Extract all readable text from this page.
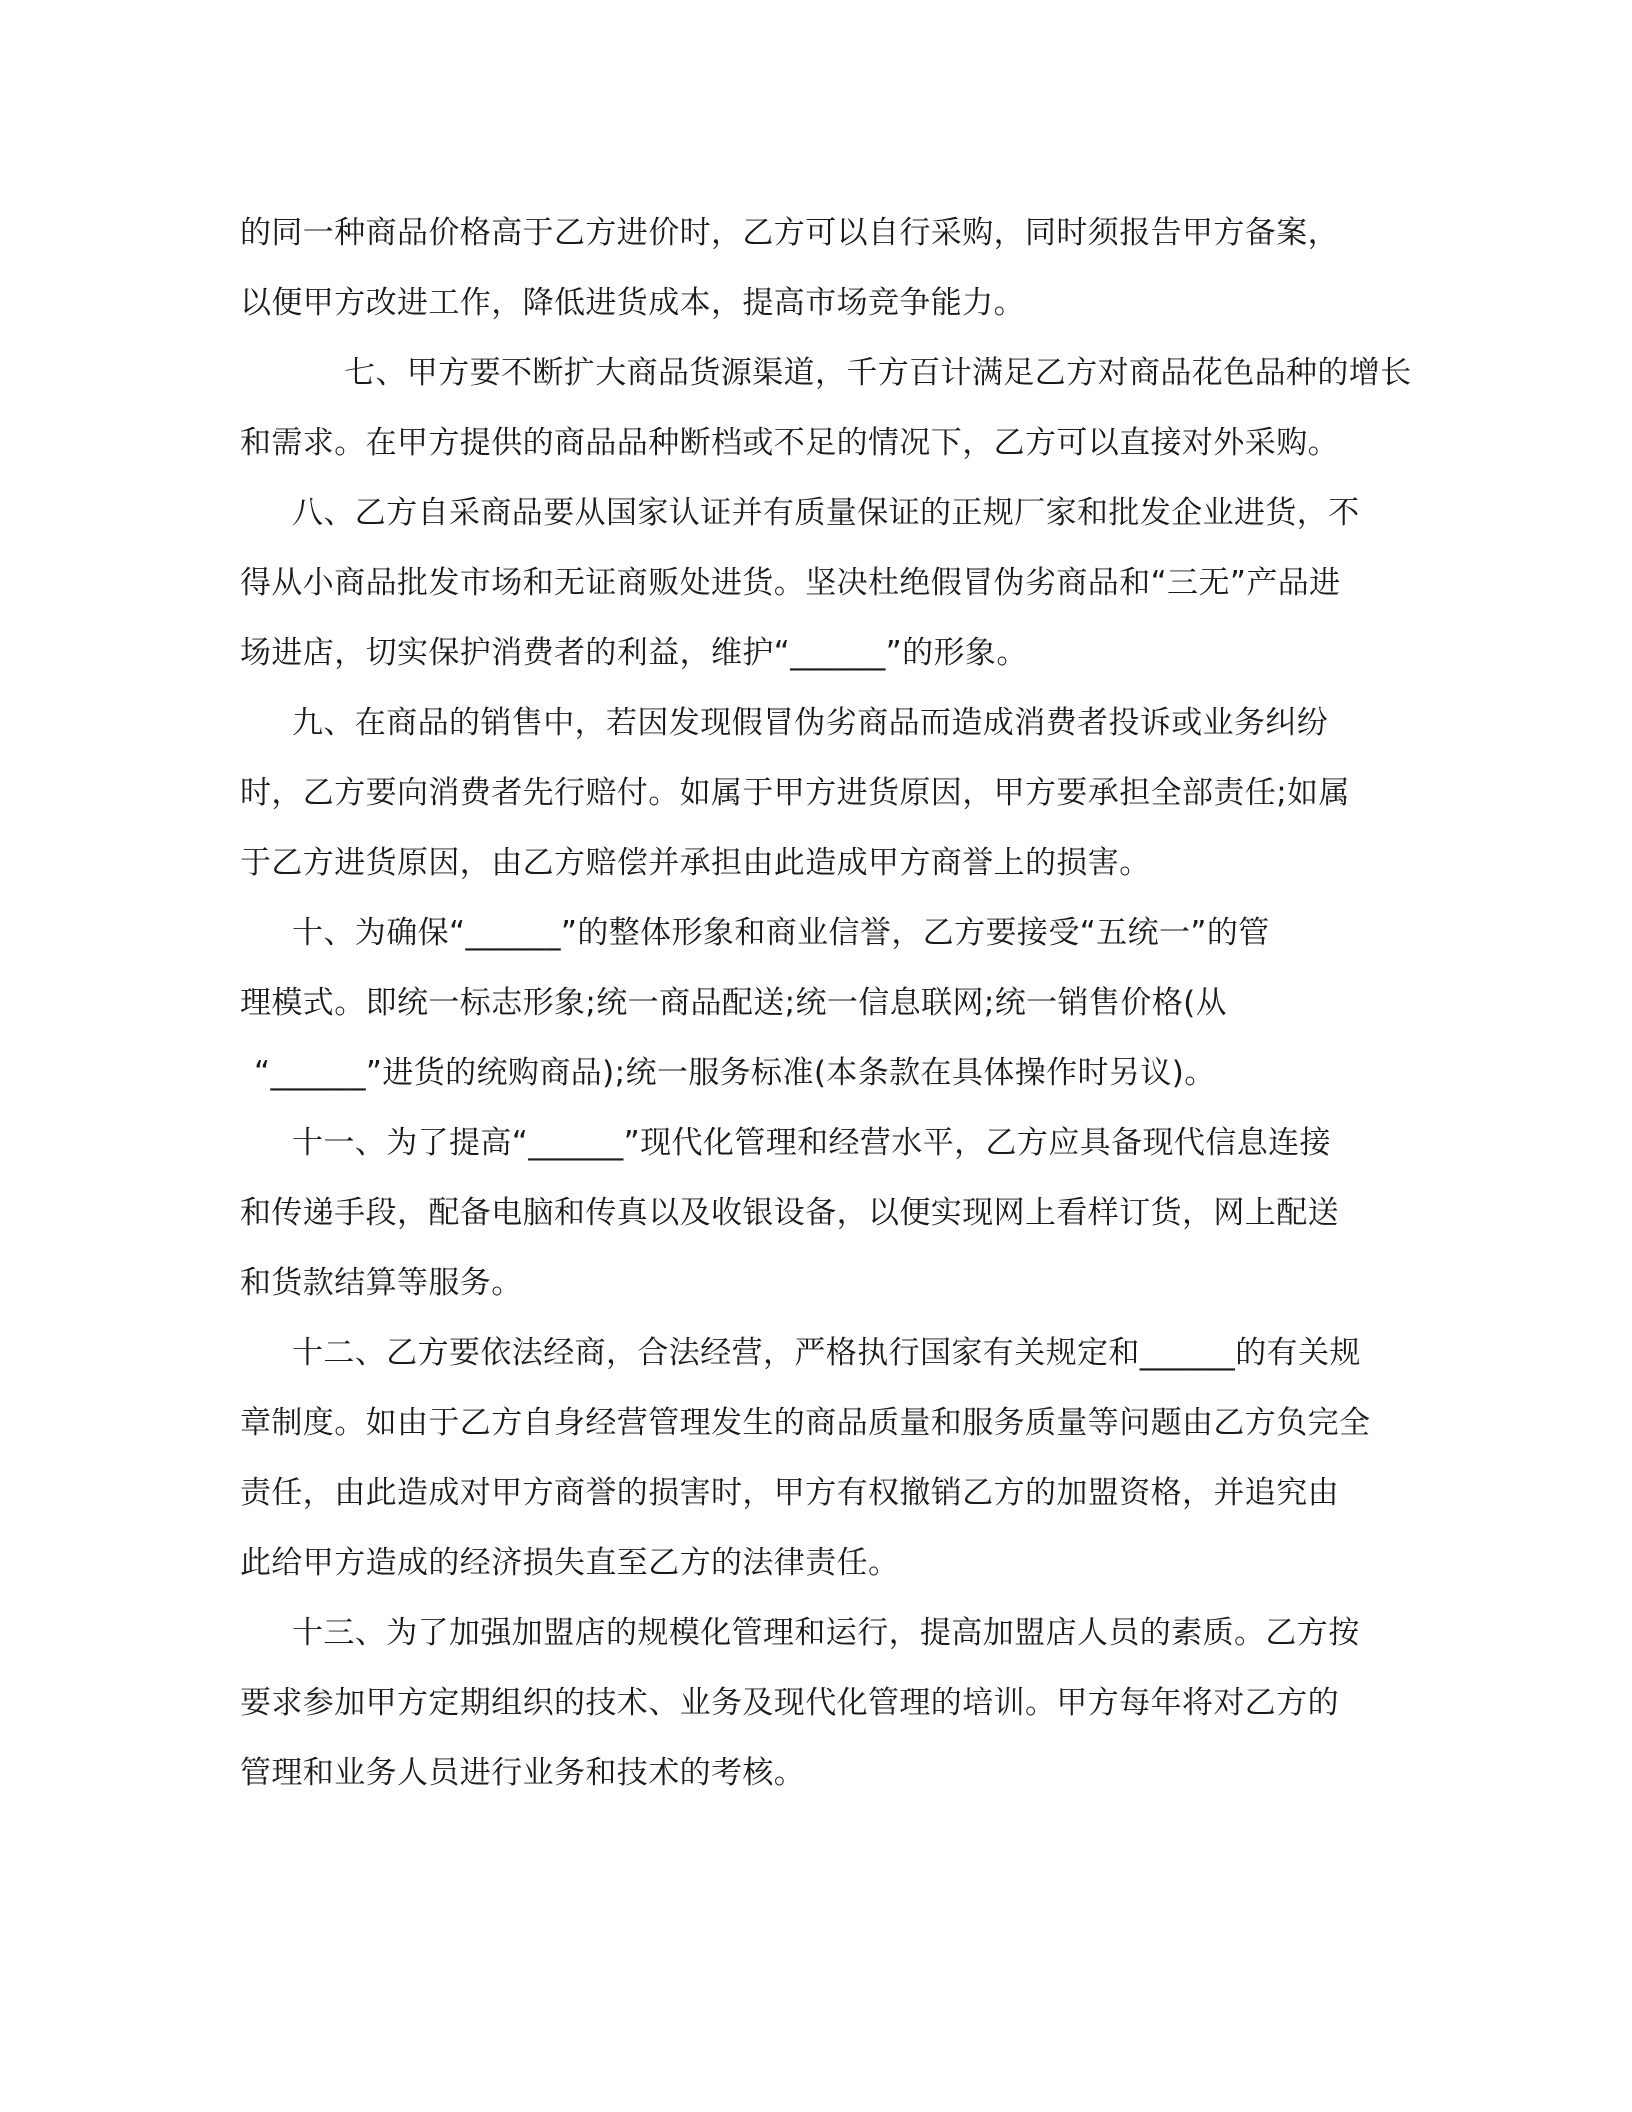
的同一种商品价格高于乙方进价时，乙方可以自行采购，同时须报告甲方备案，
以便甲方改进工作，降低进货成本，提高市场竞争能力。

七、甲方要不断扩大商品货源渠道，千方百计满足乙方对商品花色品种的增长
和需求。在甲方提供的商品品种断档或不足的情况下，乙方可以直接对外采购。

八、乙方自采商品要从国家认证并有质量保证的正规厂家和批发企业进货，不
得从小商品批发市场和无证商贩处进货。坚决杜绝假冒伪劣商品和“三无”产品进
场进店，切实保护消费者的利益，维护“______”的形象。

九、在商品的销售中，若因发现假冒伪劣商品而造成消费者投诉或业务纠纷
时，乙方要向消费者先行赔付。如属于甲方进货原因，甲方要承担全部责任;如属
于乙方进货原因，由乙方赔偿并承担由此造成甲方商誉上的损害。

十、为确保“______”的整体形象和商业信誉，乙方要接受“五统一”的管
理模式。即统一标志形象;统一商品配送;统一信息联网;统一销售价格(从
“______”进货的统购商品);统一服务标准(本条款在具体操作时另议)。

十一、为了提高“______”现代化管理和经营水平，乙方应具备现代信息连接
和传递手段，配备电脑和传真以及收银设备，以便实现网上看样订货，网上配送
和货款结算等服务。

十二、乙方要依法经商，合法经营，严格执行国家有关规定和______的有关规
章制度。如由于乙方自身经营管理发生的商品质量和服务质量等问题由乙方负完全
责任，由此造成对甲方商誉的损害时，甲方有权撤销乙方的加盟资格，并追究由
此给甲方造成的经济损失直至乙方的法律责任。

十三、为了加强加盟店的规模化管理和运行，提高加盟店人员的素质。乙方按
要求参加甲方定期组织的技术、业务及现代化管理的培训。甲方每年将对乙方的
管理和业务人员进行业务和技术的考核。
